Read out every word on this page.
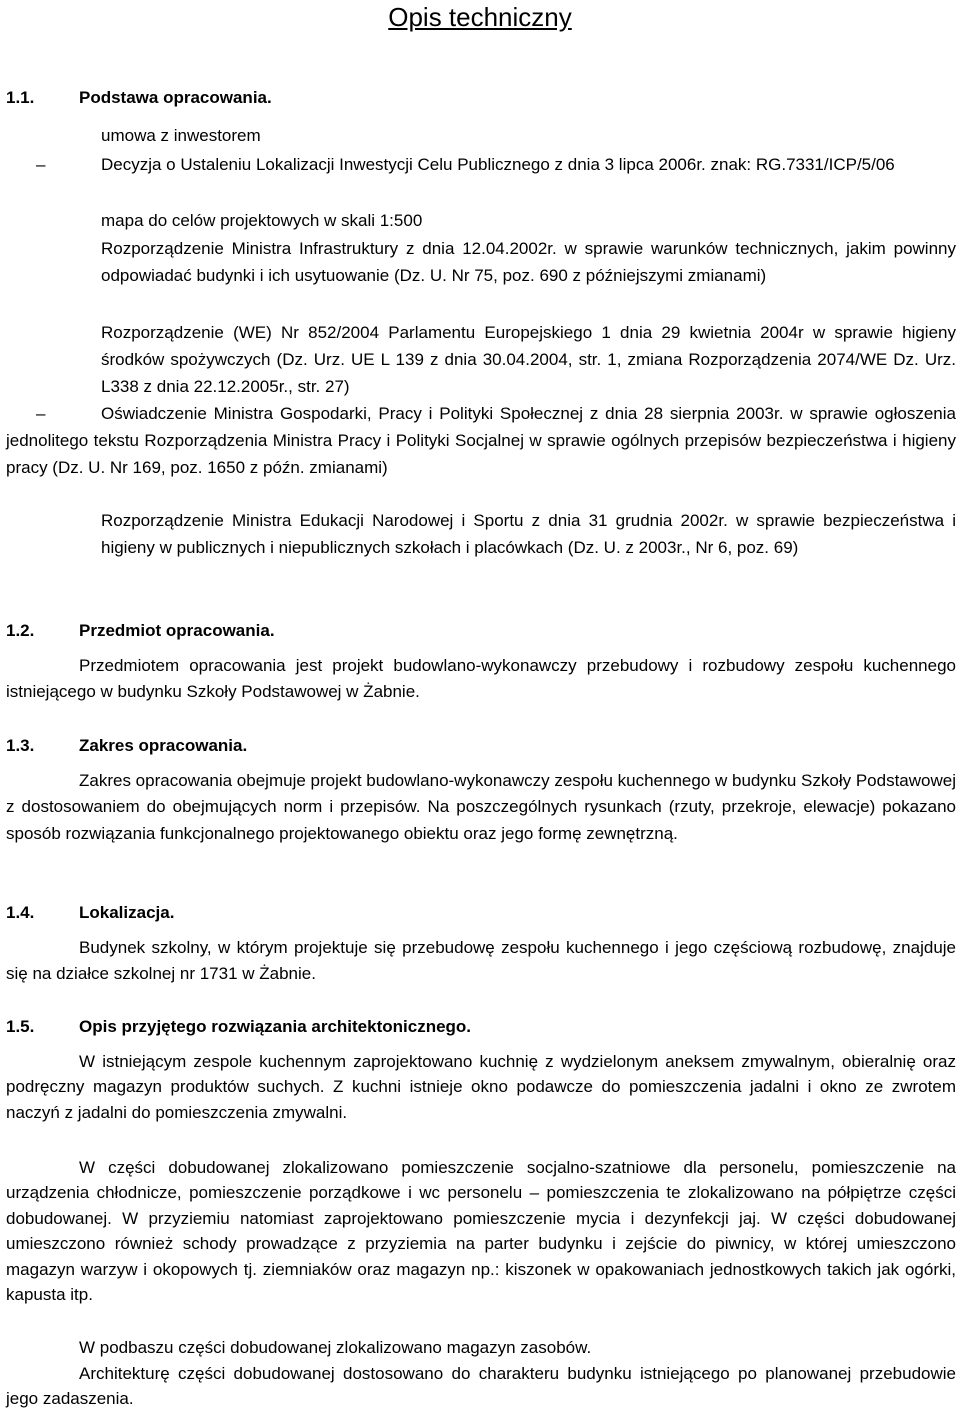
Opis techniczny
1.1.	Podstawa opracowania.
umowa z inwestorem
–	Decyzja o Ustaleniu Lokalizacji Inwestycji Celu Publicznego z dnia 3 lipca 2006r. znak: RG.7331/ICP/5/06
mapa do celów projektowych w skali 1:500
Rozporządzenie Ministra Infrastruktury z dnia 12.04.2002r. w sprawie warunków technicznych, jakim powinny odpowiadać budynki i ich usytuowanie (Dz. U. Nr 75, poz. 690 z późniejszymi zmianami)
Rozporządzenie (WE) Nr 852/2004 Parlamentu Europejskiego 1 dnia 29 kwietnia 2004r w sprawie higieny środków spożywczych (Dz. Urz. UE L 139 z dnia 30.04.2004, str. 1, zmiana Rozporządzenia 2074/WE Dz. Urz. L338 z dnia 22.12.2005r., str. 27)
–	Oświadczenie Ministra Gospodarki, Pracy i Polityki Społecznej z dnia 28 sierpnia 2003r. w sprawie ogłoszenia jednolitego tekstu Rozporządzenia Ministra Pracy i Polityki Socjalnej w sprawie ogólnych przepisów bezpieczeństwa i higieny pracy (Dz. U. Nr 169, poz. 1650 z późn. zmianami)
Rozporządzenie Ministra Edukacji Narodowej i Sportu z dnia 31 grudnia 2002r. w sprawie bezpieczeństwa i higieny w publicznych i niepublicznych szkołach i placówkach (Dz. U. z 2003r., Nr 6, poz. 69)
1.2.	Przedmiot opracowania.

Przedmiotem opracowania jest projekt budowlano-wykonawczy przebudowy i rozbudowy zespołu kuchennego istniejącego w budynku Szkoły Podstawowej w Żabnie.

1.3.	Zakres opracowania.

Zakres opracowania obejmuje projekt budowlano-wykonawczy zespołu kuchennego w budynku Szkoły Podstawowej z dostosowaniem do obejmujących norm i przepisów. Na poszczególnych rysunkach (rzuty, przekroje, elewacje) pokazano sposób rozwiązania funkcjonalnego projektowanego obiektu oraz jego formę zewnętrzną.

1.4.	Lokalizacja.

Budynek szkolny, w którym projektuje się przebudowę zespołu kuchennego i jego częściową rozbudowę, znajduje się na działce szkolnej nr 1731 w Żabnie.

1.5.	Opis przyjętego rozwiązania architektonicznego.

W istniejącym zespole kuchennym zaprojektowano kuchnię z wydzielonym aneksem zmywalnym, obieralnię oraz podręczny magazyn produktów suchych. Z kuchni istnieje okno podawcze do pomieszczenia jadalni i okno ze zwrotem naczyń z jadalni do pomieszczenia zmywalni.

W części dobudowanej zlokalizowano pomieszczenie socjalno-szatniowe dla personelu, pomieszczenie na urządzenia chłodnicze, pomieszczenie porządkowe i wc personelu – pomieszczenia te zlokalizowano na półpiętrze części dobudowanej. W przyziemiu natomiast zaprojektowano pomieszczenie mycia i dezynfekcji jaj. W części dobudowanej umieszczono również schody prowadzące z przyziemia na parter budynku i zejście do piwnicy, w której umieszczono magazyn warzyw i okopowych tj. ziemniaków oraz magazyn np.: kiszonek w opakowaniach jednostkowych takich jak ogórki, kapusta itp.

W podbaszu części dobudowanej zlokalizowano magazyn zasobów.

Architekturę części dobudowanej dostosowano do charakteru budynku istniejącego po planowanej przebudowie jego zadaszenia.
